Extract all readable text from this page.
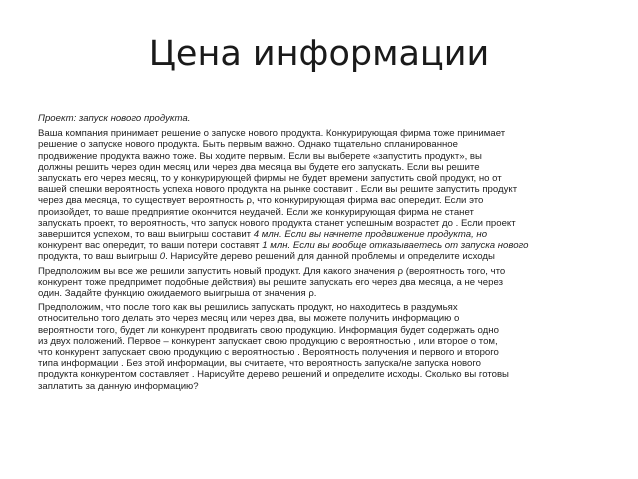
Цена информации

Проект: запуск нового продукта.

Ваша компания принимает решение о запуске нового продукта. Конкурирующая фирма тоже принимает
решение о запуске нового продукта. Быть первым важно. Однако тщательно спланированное
продвижение продукта важно тоже. Вы ходите первым. Если вы выберете «запустить продукт», вы
должны решить через один месяц или через два месяца вы будете его запускать. Если вы решите
запускать его через месяц, то у конкурирующей фирмы не будет времени запустить свой продукт, но от
вашей спешки вероятность успеха нового продукта на рынке составит . Если вы решите запустить продукт
через два месяца, то существует вероятность ρ, что конкурирующая фирма вас опередит. Если это
произойдет, то ваше предприятие окончится неудачей. Если же конкурирующая фирма не станет
запускать проект, то вероятность, что запуск нового продукта станет успешным возрастет до . Если проект
завершится успехом, то ваш выигрыш составит 4 млн. Если вы начнете продвижение продукта, но
конкурент вас опередит, то ваши потери составят 1 млн. Если вы вообще отказываетесь от запуска нового
продукта, то ваш выигрыш 0. Нарисуйте дерево решений для данной проблемы и определите исходы

Предположим вы все же решили запустить новый продукт. Для какого значения ρ (вероятность того, что
конкурент тоже предпримет подобные действия) вы решите запускать его через два месяца, а не через
один. Задайте функцию ожидаемого выигрыша от значения ρ.

Предположим, что после того как вы решились запускать продукт, но находитесь в раздумьях
относительно того делать это через месяц или через два, вы можете получить информацию о
вероятности того, будет ли конкурент продвигать свою продукцию. Информация будет содержать одно
из двух положений. Первое – конкурент запускает свою продукцию с вероятностью , или второе о том,
что конкурент запускает свою продукцию с вероятностью . Вероятность получения и первого и второго
типа информации . Без этой информации, вы считаете, что вероятность запуска/не запуска нового
продукта конкурентом составляет . Нарисуйте дерево решений и определите исходы. Сколько вы готовы
заплатить за данную информацию?
